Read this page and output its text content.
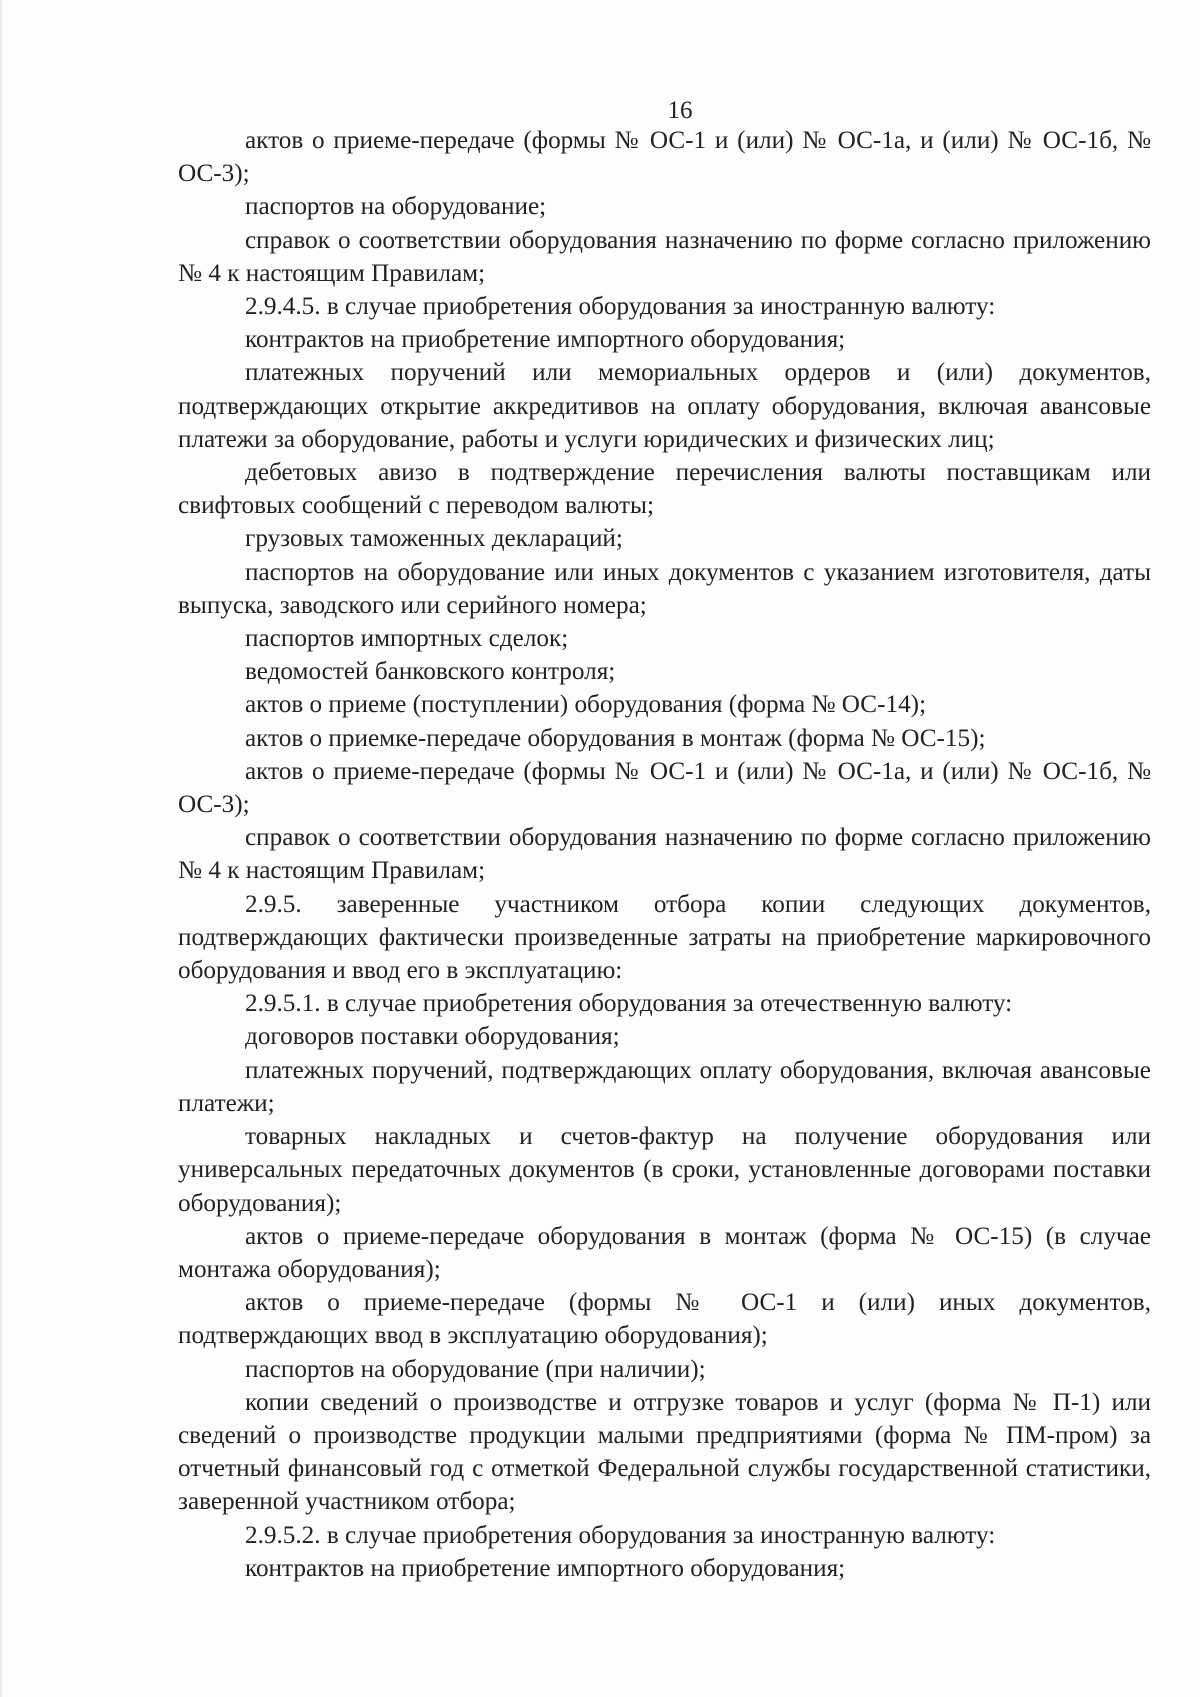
16

актов о приеме-передаче (формы № ОС-1 и (или) № ОС-1а, и (или) № ОС-1б, № ОС-3);

паспортов на оборудование;

справок о соответствии оборудования назначению по форме согласно приложению № 4 к настоящим Правилам;

2.9.4.5. в случае приобретения оборудования за иностранную валюту:

контрактов на приобретение импортного оборудования;

платежных поручений или мемориальных ордеров и (или) документов, подтверждающих открытие аккредитивов на оплату оборудования, включая авансовые платежи за оборудование, работы и услуги юридических и физических лиц;

дебетовых авизо в подтверждение перечисления валюты поставщикам или свифтовых сообщений с переводом валюты;

грузовых таможенных деклараций;

паспортов на оборудование или иных документов с указанием изготовителя, даты выпуска, заводского или серийного номера;

паспортов импортных сделок;

ведомостей банковского контроля;

актов о приеме (поступлении) оборудования (форма № ОС-14);

актов о приемке-передаче оборудования в монтаж (форма № ОС-15);

актов о приеме-передаче (формы № ОС-1 и (или) № ОС-1а, и (или) № ОС-1б, № ОС-3);

справок о соответствии оборудования назначению по форме согласно приложению № 4 к настоящим Правилам;

2.9.5. заверенные участником отбора копии следующих документов, подтверждающих фактически произведенные затраты на приобретение маркировочного оборудования и ввод его в эксплуатацию:

2.9.5.1. в случае приобретения оборудования за отечественную валюту:

договоров поставки оборудования;

платежных поручений, подтверждающих оплату оборудования, включая авансовые платежи;

товарных накладных и счетов-фактур на получение оборудования или универсальных передаточных документов (в сроки, установленные договорами поставки оборудования);

актов о приеме-передаче оборудования в монтаж (форма № ОС-15) (в случае монтажа оборудования);

актов о приеме-передаче (формы № ОС-1 и (или) иных документов, подтверждающих ввод в эксплуатацию оборудования);

паспортов на оборудование (при наличии);

копии сведений о производстве и отгрузке товаров и услуг (форма № П-1) или сведений о производстве продукции малыми предприятиями (форма № ПМ-пром) за отчетный финансовый год с отметкой Федеральной службы государственной статистики, заверенной участником отбора;

2.9.5.2. в случае приобретения оборудования за иностранную валюту:

контрактов на приобретение импортного оборудования;
